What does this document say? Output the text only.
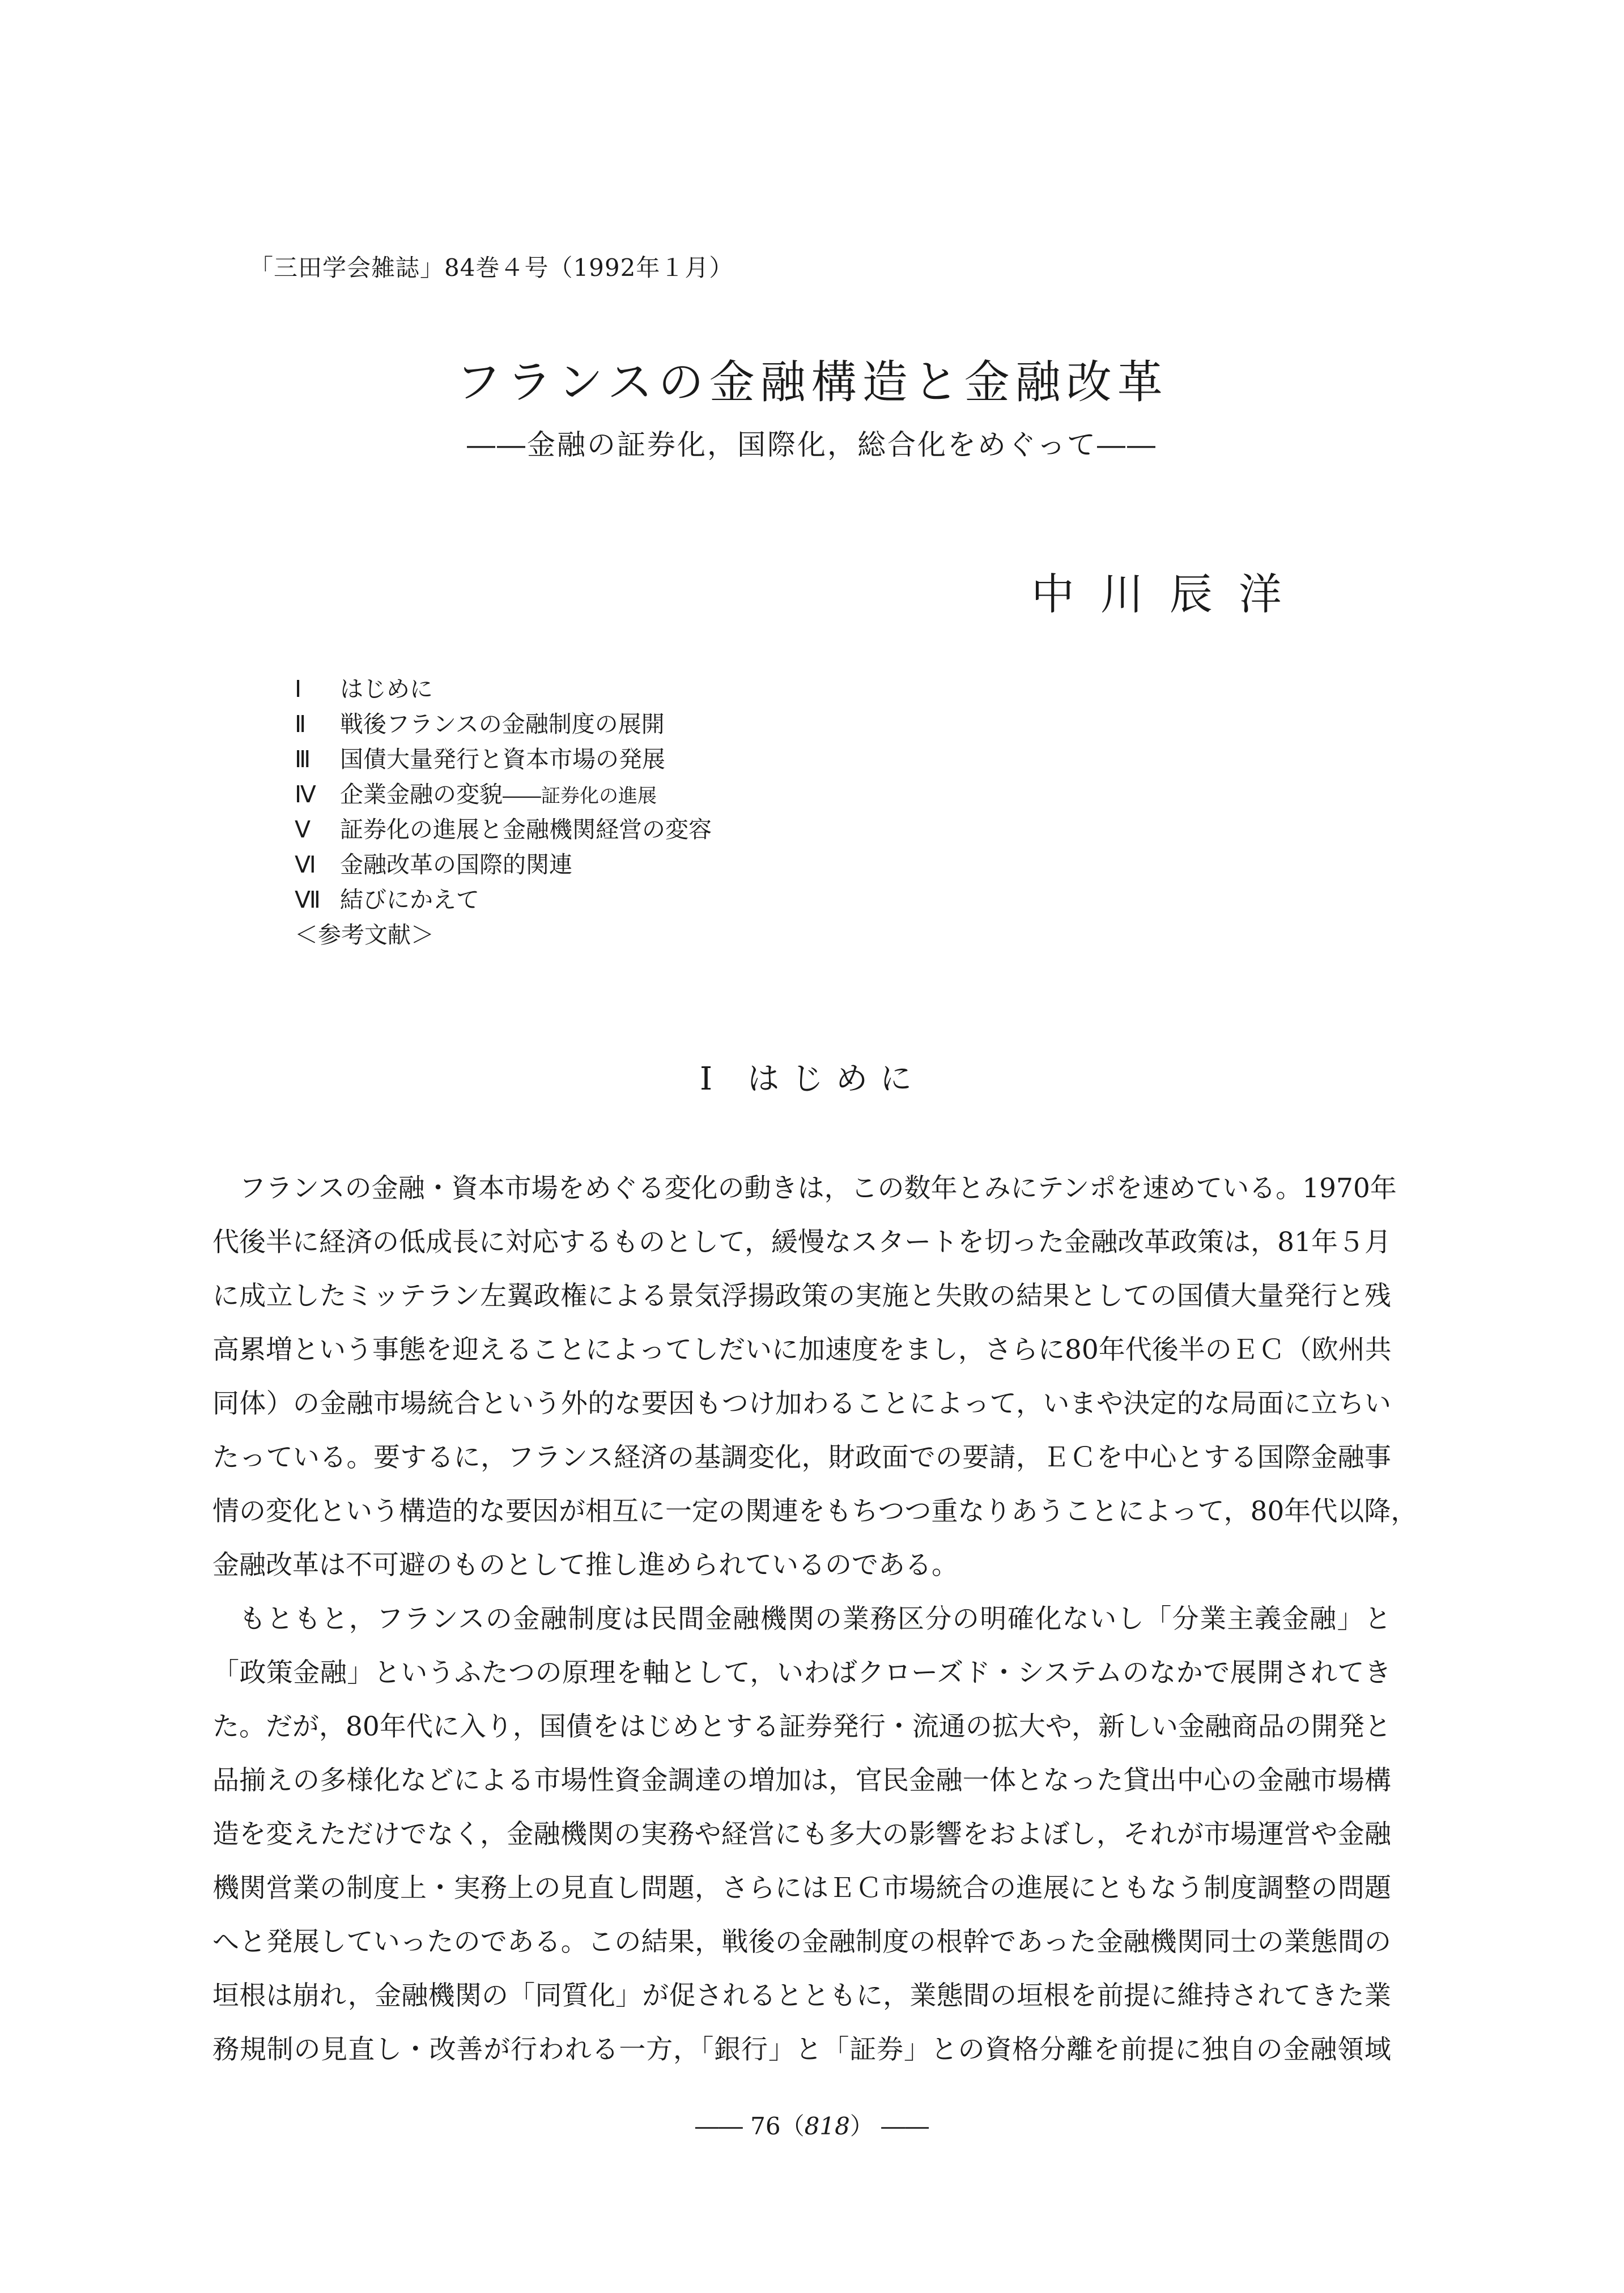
「三田学会雑誌」84巻４号（1992年１月）
フランスの金融構造と金融改革
――金融の証券化，国際化，総合化をめぐって――
中川辰洋
Ⅰ はじめに
Ⅱ 戦後フランスの金融制度の展開
Ⅲ 国債大量発行と資本市場の発展
Ⅳ 企業金融の変貌――証券化の進展
Ⅴ 証券化の進展と金融機関経営の変容
Ⅵ 金融改革の国際的関連
Ⅶ 結びにかえて
＜参考文献＞
Ⅰ はじめに
フランスの金融・資本市場をめぐる変化の動きは，この数年とみにテンポを速めている。1970年
代後半に経済の低成長に対応するものとして，緩慢なスタートを切った金融改革政策は，81年５月
に成立したミッテラン左翼政権による景気浮揚政策の実施と失敗の結果としての国債大量発行と残
高累増という事態を迎えることによってしだいに加速度をまし，さらに80年代後半のＥＣ（欧州共
同体）の金融市場統合という外的な要因もつけ加わることによって，いまや決定的な局面に立ちい
たっている。要するに，フランス経済の基調変化，財政面での要請，ＥＣを中心とする国際金融事
情の変化という構造的な要因が相互に一定の関連をもちつつ重なりあうことによって，80年代以降，
金融改革は不可避のものとして推し進められているのである。
もともと，フランスの金融制度は民間金融機関の業務区分の明確化ないし「分業主義金融」と
「政策金融」というふたつの原理を軸として，いわばクローズド・システムのなかで展開されてき
た。だが，80年代に入り，国債をはじめとする証券発行・流通の拡大や，新しい金融商品の開発と
品揃えの多様化などによる市場性資金調達の増加は，官民金融一体となった貸出中心の金融市場構
造を変えただけでなく，金融機関の実務や経営にも多大の影響をおよぼし，それが市場運営や金融
機関営業の制度上・実務上の見直し問題，さらにはＥＣ市場統合の進展にともなう制度調整の問題
へと発展していったのである。この結果，戦後の金融制度の根幹であった金融機関同士の業態間の
垣根は崩れ，金融機関の「同質化」が促されるとともに，業態間の垣根を前提に維持されてきた業
務規制の見直し・改善が行われる一方，「銀行」と「証券」との資格分離を前提に独自の金融領域
―― 76（818） ――
